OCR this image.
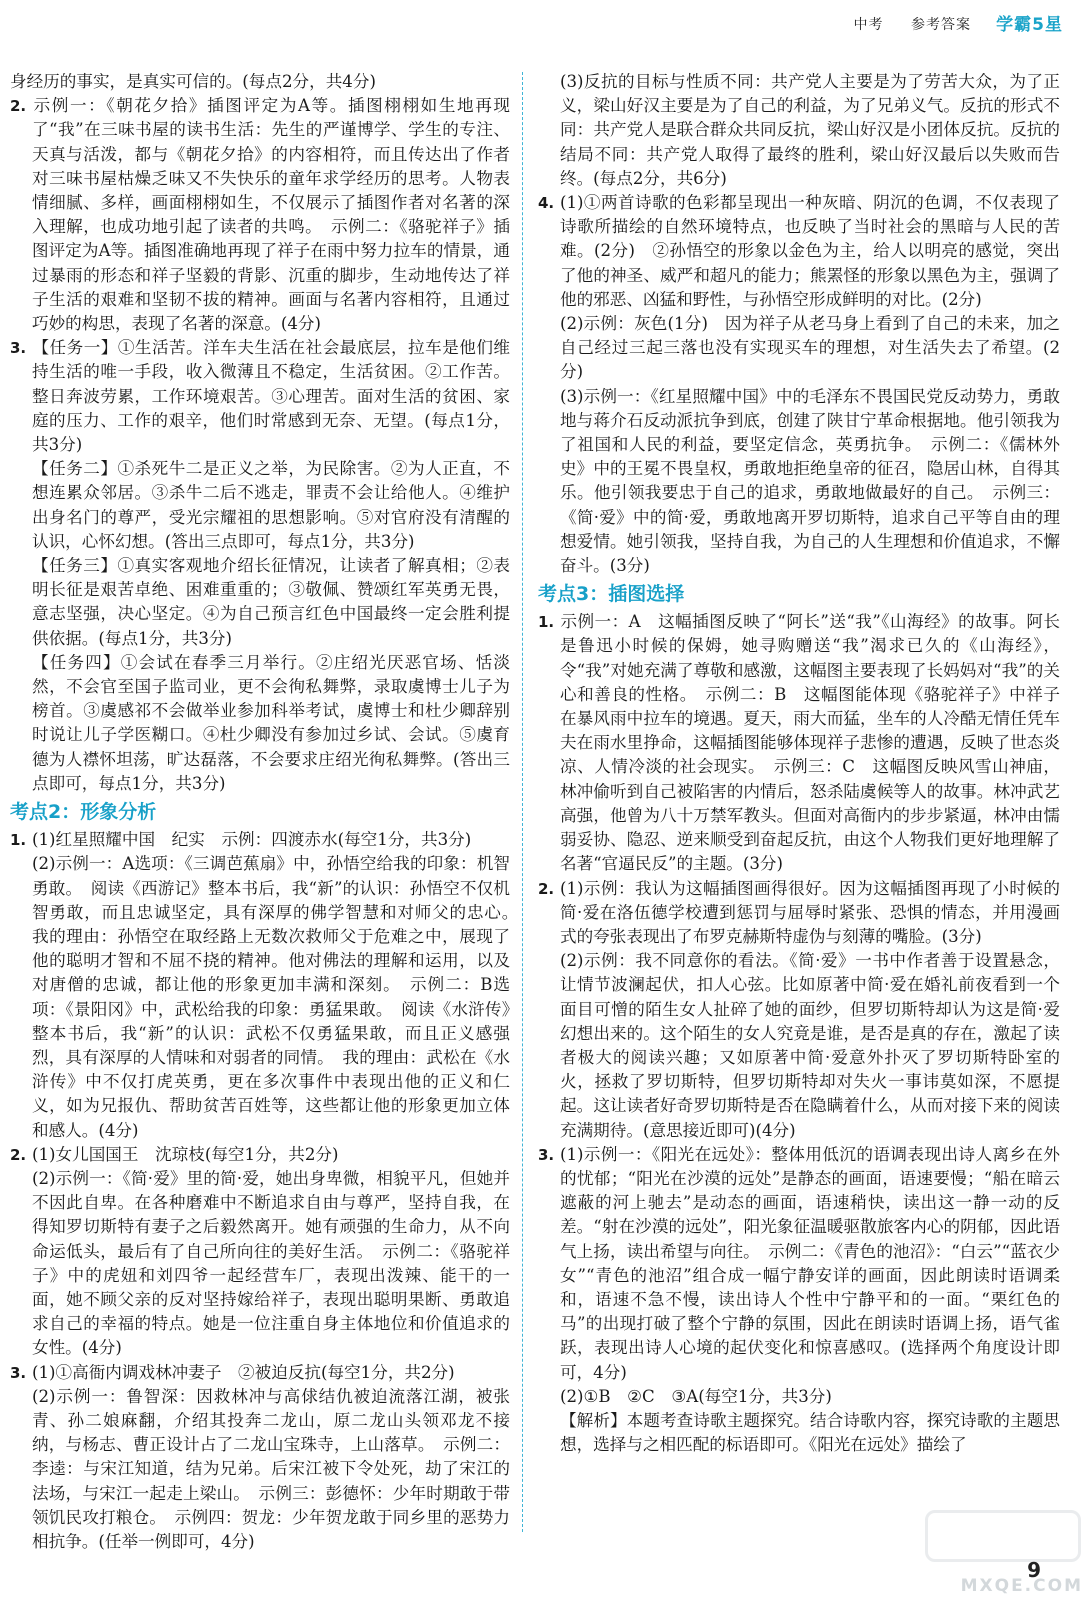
中考 参考答案 学霸5星

身经历的事实，是真实可信的。(每点2分，共4分)

2. 示例一：《朝花夕拾》插图评定为A等。插图栩栩如生地再现了“我”在三味书屋的读书生活：先生的严谨博学、学生的专注、天真与活泼，都与《朝花夕拾》的内容相符，而且传达出了作者对三味书屋枯燥乏味又不失快乐的童年求学经历的思考。人物表情细腻、多样，画面栩栩如生，不仅展示了插图作者对名著的深入理解，也成功地引起了读者的共鸣。　示例二：《骆驼祥子》插图评定为A等。插图准确地再现了祥子在雨中努力拉车的情景，通过暴雨的形态和祥子坚毅的背影、沉重的脚步，生动地传达了祥子生活的艰难和坚韧不拔的精神。画面与名著内容相符，且通过巧妙的构思，表现了名著的深意。(4分)

3. 【任务一】①生活苦。洋车夫生活在社会最底层，拉车是他们维持生活的唯一手段，收入微薄且不稳定，生活贫困。②工作苦。整日奔波劳累，工作环境艰苦。③心理苦。面对生活的贫困、家庭的压力、工作的艰辛，他们时常感到无奈、无望。(每点1分，共3分)

【任务二】①杀死牛二是正义之举，为民除害。②为人正直，不想连累众邻居。③杀牛二后不逃走，罪责不会让给他人。④维护出身名门的尊严，受光宗耀祖的思想影响。⑤对官府没有清醒的认识，心怀幻想。(答出三点即可，每点1分，共3分)

【任务三】①真实客观地介绍长征情况，让读者了解真相；②表明长征是艰苦卓绝、困难重重的；③敬佩、赞颂红军英勇无畏，意志坚强，决心坚定。④为自己预言红色中国最终一定会胜利提供依据。(每点1分，共3分)

【任务四】①会试在春季三月举行。②庄绍光厌恶官场、恬淡然，不会官至国子监司业，更不会徇私舞弊，录取虞博士儿子为榜首。③虞感祁不会做举业参加科举考试，虞博士和杜少卿辞别时说让儿子学医糊口。④杜少卿没有参加过乡试、会试。⑤虞育德为人襟怀坦荡，旷达磊落，不会要求庄绍光徇私舞弊。(答出三点即可，每点1分，共3分)

考点2：形象分析

1. (1)红星照耀中国　纪实　示例：四渡赤水(每空1分，共3分)

(2)示例一：A选项：《三调芭蕉扇》中，孙悟空给我的印象：机智勇敢。　阅读《西游记》整本书后，我“新”的认识：孙悟空不仅机智勇敢，而且忠诚坚定，具有深厚的佛学智慧和对师父的忠心。　我的理由：孙悟空在取经路上无数次救师父于危难之中，展现了他的聪明才智和不屈不挠的精神。他对佛法的理解和运用，以及对唐僧的忠诚，都让他的形象更加丰满和深刻。　示例二：B选项：《景阳冈》中，武松给我的印象：勇猛果敢。　阅读《水浒传》整本书后，我“新”的认识：武松不仅勇猛果敢，而且正义感强烈，具有深厚的人情味和对弱者的同情。　我的理由：武松在《水浒传》中不仅打虎英勇，更在多次事件中表现出他的正义和仁义，如为兄报仇、帮助贫苦百姓等，这些都让他的形象更加立体和感人。(4分)

2. (1)女儿国国王　沈琼枝(每空1分，共2分)

(2)示例一：《简·爱》里的简·爱，她出身卑微，相貌平凡，但她并不因此自卑。在各种磨难中不断追求自由与尊严，坚持自我，在得知罗切斯特有妻子之后毅然离开。她有顽强的生命力，从不向命运低头，最后有了自己所向往的美好生活。　示例二：《骆驼祥子》中的虎妞和刘四爷一起经营车厂，表现出泼辣、能干的一面，她不顾父亲的反对坚持嫁给祥子，表现出聪明果断、勇敢追求自己的幸福的特点。她是一位注重自身主体地位和价值追求的女性。(4分)

3. (1)①高衙内调戏林冲妻子　②被迫反抗(每空1分，共2分)

(2)示例一：鲁智深：因救林冲与高俅结仇被迫流落江湖，被张青、孙二娘麻翻，介绍其投奔二龙山，原二龙山头领邓龙不接纳，与杨志、曹正设计占了二龙山宝珠寺，上山落草。　示例二：李逵：与宋江知道，结为兄弟。后宋江被下令处死，劫了宋江的法场，与宋江一起走上梁山。　示例三：彭德怀：少年时期敢于带领饥民攻打粮仓。　示例四：贺龙：少年贺龙敢于同乡里的恶势力相抗争。(任举一例即可，4分)

(3)反抗的目标与性质不同：共产党人主要是为了劳苦大众，为了正义，梁山好汉主要是为了自己的利益，为了兄弟义气。反抗的形式不同：共产党人是联合群众共同反抗，梁山好汉是小团体反抗。反抗的结局不同：共产党人取得了最终的胜利，梁山好汉最后以失败而告终。(每点2分，共6分)

4. (1)①两首诗歌的色彩都呈现出一种灰暗、阴沉的色调，不仅表现了诗歌所描绘的自然环境特点，也反映了当时社会的黑暗与人民的苦难。(2分)　②孙悟空的形象以金色为主，给人以明亮的感觉，突出了他的神圣、威严和超凡的能力；熊罴怪的形象以黑色为主，强调了他的邪恶、凶猛和野性，与孙悟空形成鲜明的对比。(2分)

(2)示例：灰色(1分)　因为祥子从老马身上看到了自己的未来，加之自己经过三起三落也没有实现买车的理想，对生活失去了希望。(2分)

(3)示例一：《红星照耀中国》中的毛泽东不畏国民党反动势力，勇敢地与蒋介石反动派抗争到底，创建了陕甘宁革命根据地。他引领我为了祖国和人民的利益，要坚定信念，英勇抗争。　示例二：《儒林外史》中的王冕不畏皇权，勇敢地拒绝皇帝的征召，隐居山林，自得其乐。他引领我要忠于自己的追求，勇敢地做最好的自己。　示例三：《简·爱》中的简·爱，勇敢地离开罗切斯特，追求自己平等自由的理想爱情。她引领我，坚持自我，为自己的人生理想和价值追求，不懈奋斗。(3分)

考点3：插图选择

1. 示例一：A　这幅插图反映了“阿长”送“我”《山海经》的故事。阿长是鲁迅小时候的保姆，她寻购赠送“我”渴求已久的《山海经》，令“我”对她充满了尊敬和感激，这幅图主要表现了长妈妈对“我”的关心和善良的性格。　示例二：B　这幅图能体现《骆驼祥子》中祥子在暴风雨中拉车的境遇。夏天，雨大而猛，坐车的人冷酷无情任凭车夫在雨水里挣命，这幅插图能够体现祥子悲惨的遭遇，反映了世态炎凉、人情冷淡的社会现实。　示例三：C　这幅图反映风雪山神庙，林冲偷听到自己被陷害的内情后，怒杀陆虞候等人的故事。林冲武艺高强，他曾为八十万禁军教头。但面对高衙内的步步紧逼，林冲由懦弱妥协、隐忍、逆来顺受到奋起反抗，由这个人物我们更好地理解了名著“官逼民反”的主题。(3分)

2. (1)示例：我认为这幅插图画得很好。因为这幅插图再现了小时候的简·爱在洛伍德学校遭到惩罚与屈辱时紧张、恐惧的情态，并用漫画式的夸张表现出了布罗克赫斯特虚伪与刻薄的嘴脸。(3分)

(2)示例：我不同意你的看法。《简·爱》一书中作者善于设置悬念，让情节波澜起伏，扣人心弦。比如原著中简·爱在婚礼前夜看到一个面目可憎的陌生女人扯碎了她的面纱，但罗切斯特却认为这是简·爱幻想出来的。这个陌生的女人究竟是谁，是否是真的存在，激起了读者极大的阅读兴趣；又如原著中简·爱意外扑灭了罗切斯特卧室的火，拯救了罗切斯特，但罗切斯特却对失火一事讳莫如深，不愿提起。这让读者好奇罗切斯特是否在隐瞒着什么，从而对接下来的阅读充满期待。(意思接近即可)(4分)

3. (1)示例一：《阳光在远处》：整体用低沉的语调表现出诗人离乡在外的忧郁；“阳光在沙漠的远处”是静态的画面，语速要慢；“船在暗云遮蔽的河上驰去”是动态的画面，语速稍快，读出这一静一动的反差。“射在沙漠的远处”，阳光象征温暖驱散旅客内心的阴郁，因此语气上扬，读出希望与向往。　示例二：《青色的池沼》：“白云”“蓝衣少女”“青色的池沼”组合成一幅宁静安详的画面，因此朗读时语调柔和，语速不急不慢，读出诗人个性中宁静平和的一面。“栗红色的马”的出现打破了整个宁静的氛围，因此在朗读时语调上扬，语气雀跃，表现出诗人心境的起伏变化和惊喜感叹。(选择两个角度设计即可，4分)

(2)①B　②C　③A(每空1分，共3分)

【解析】本题考查诗歌主题探究。结合诗歌内容，探究诗歌的主题思想，选择与之相匹配的标语即可。《阳光在远处》描绘了

9
MXQE.COM
